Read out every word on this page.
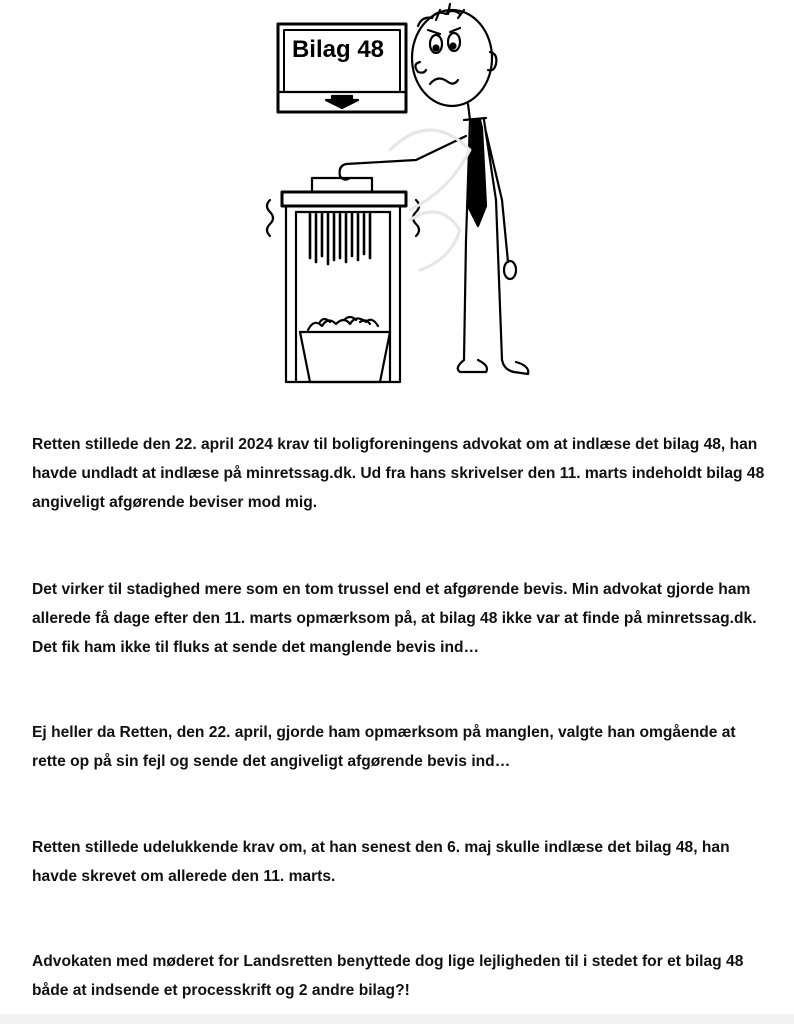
Bilag 48

Retten stillede den 22. april 2024 krav til boligforeningens advokat om at indlæse det bilag 48, han havde undladt at indlæse på minretssag.dk. Ud fra hans skrivelser den 11. marts indeholdt bilag 48 angiveligt afgørende beviser mod mig.

Det virker til stadighed mere som en tom trussel end et afgørende bevis. Min advokat gjorde ham allerede få dage efter den 11. marts opmærksom på, at bilag 48 ikke var at finde på minretssag.dk. Det fik ham ikke til fluks at sende det manglende bevis ind…

Ej heller da Retten, den 22. april, gjorde ham opmærksom på manglen, valgte han omgående at rette op på sin fejl og sende det angiveligt afgørende bevis ind…

Retten stillede udelukkende krav om, at han senest den 6. maj skulle indlæse det bilag 48, han havde skrevet om allerede den 11. marts.

Advokaten med møderet for Landsretten benyttede dog lige lejligheden til i stedet for et bilag 48 både at indsende et processkrift og 2 andre bilag?!
